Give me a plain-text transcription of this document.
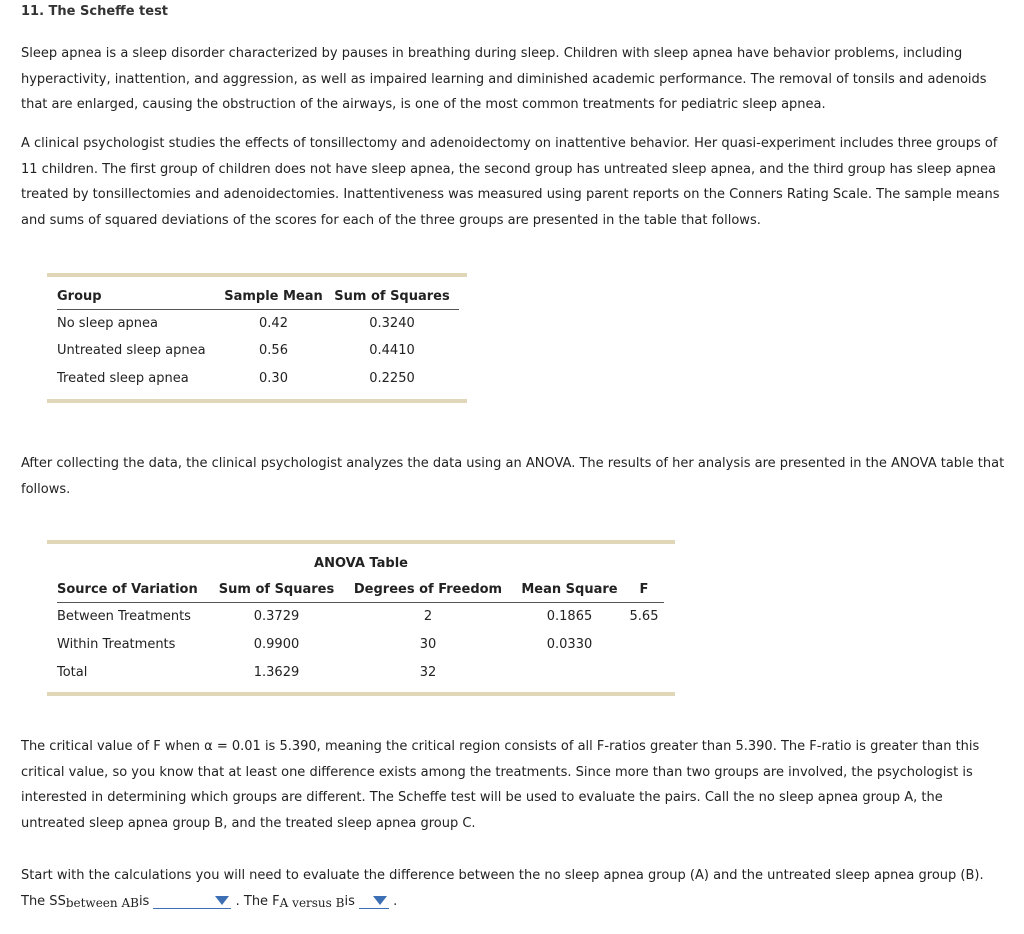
11. The Scheffe test

Sleep apnea is a sleep disorder characterized by pauses in breathing during sleep. Children with sleep apnea have behavior problems, including hyperactivity, inattention, and aggression, as well as impaired learning and diminished academic performance. The removal of tonsils and adenoids that are enlarged, causing the obstruction of the airways, is one of the most common treatments for pediatric sleep apnea.

A clinical psychologist studies the effects of tonsillectomy and adenoidectomy on inattentive behavior. Her quasi-experiment includes three groups of 11 children. The first group of children does not have sleep apnea, the second group has untreated sleep apnea, and the third group has sleep apnea treated by tonsillectomies and adenoidectomies. Inattentiveness was measured using parent reports on the Conners Rating Scale. The sample means and sums of squared deviations of the scores for each of the three groups are presented in the table that follows.

Group	Sample Mean	Sum of Squares
No sleep apnea	0.42	0.3240
Untreated sleep apnea	0.56	0.4410
Treated sleep apnea	0.30	0.2250

After collecting the data, the clinical psychologist analyzes the data using an ANOVA. The results of her analysis are presented in the ANOVA table that follows.

ANOVA Table
Source of Variation	Sum of Squares	Degrees of Freedom	Mean Square	F
Between Treatments	0.3729	2	0.1865	5.65
Within Treatments	0.9900	30	0.0330	
Total	1.3629	32		

The critical value of F when α = 0.01 is 5.390, meaning the critical region consists of all F-ratios greater than 5.390. The F-ratio is greater than this critical value, so you know that at least one difference exists among the treatments. Since more than two groups are involved, the psychologist is interested in determining which groups are different. The Scheffe test will be used to evaluate the pairs. Call the no sleep apnea group A, the untreated sleep apnea group B, and the treated sleep apnea group C.

Start with the calculations you will need to evaluate the difference between the no sleep apnea group (A) and the untreated sleep apnea group (B).
The SSbetween ABis	. The FA versus Bis	.
